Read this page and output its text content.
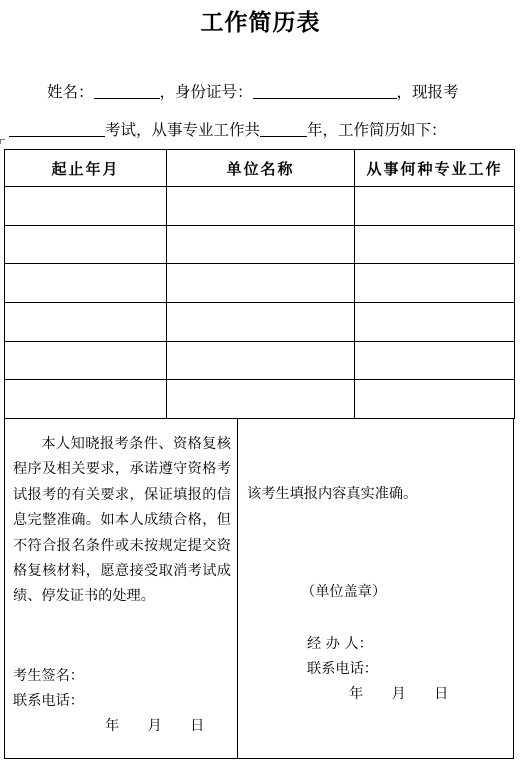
工作简历表
姓名：	，身份证号：	，现报考
考试，从事专业工作共	年，工作简历如下：
起止年月	单位名称	从事何种专业工作

本人知晓报考条件、资格复核程序及相关要求，承诺遵守资格考试报考的有关要求，保证填报的信息完整准确。如本人成绩合格，但不符合报名条件或未按规定提交资格复核材料，愿意接受取消考试成绩、停发证书的处理。
考生签名：
联系电话：
年　　月　　日
该考生填报内容真实准确。
（单位盖章）
经 办 人：
联系电话：
年　　月　　日
